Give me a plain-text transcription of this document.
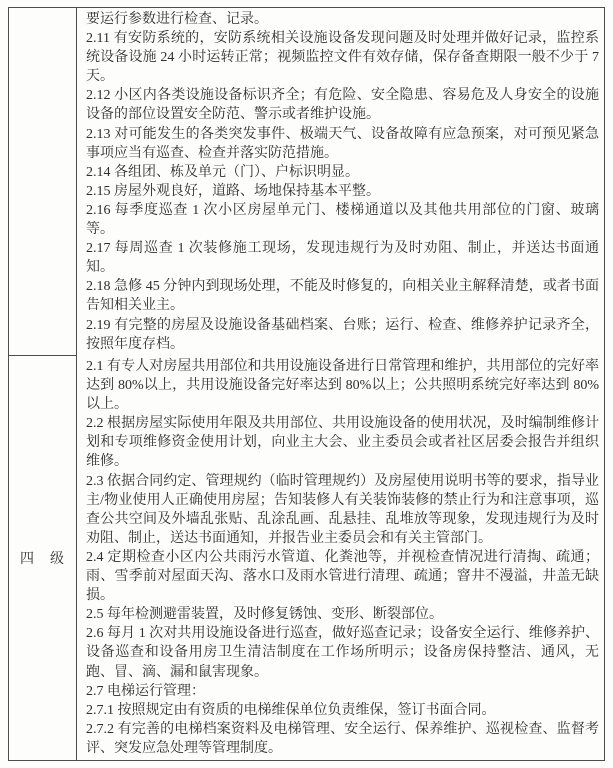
要运行参数进行检查、记录。

2.11 有安防系统的，安防系统相关设施设备发现问题及时处理并做好记录，监控系统设备设施 24 小时运转正常；视频监控文件有效存储，保存备查期限一般不少于 7 天。

2.12 小区内各类设施设备标识齐全；有危险、安全隐患、容易危及人身安全的设施设备的部位设置安全防范、警示或者维护设施。

2.13 对可能发生的各类突发事件、极端天气、设备故障有应急预案，对可预见紧急事项应当有巡查、检查并落实防范措施。

2.14 各组团、栋及单元（门）、户标识明显。

2.15 房屋外观良好，道路、场地保持基本平整。

2.16 每季度巡查 1 次小区房屋单元门、楼梯通道以及其他共用部位的门窗、玻璃等。

2.17 每周巡查 1 次装修施工现场，发现违规行为及时劝阻、制止，并送达书面通知。

2.18 急修 45 分钟内到现场处理，不能及时修复的，向相关业主解释清楚，或者书面告知相关业主。

2.19 有完整的房屋及设施设备基础档案、台账；运行、检查、维修养护记录齐全，按照年度存档。

四　级

2.1 有专人对房屋共用部位和共用设施设备进行日常管理和维护，共用部位的完好率达到 80%以上，共用设施设备完好率达到 80%以上；公共照明系统完好率达到 80%以上。

2.2 根据房屋实际使用年限及共用部位、共用设施设备的使用状况，及时编制维修计划和专项维修资金使用计划，向业主大会、业主委员会或者社区居委会报告并组织维修。

2.3 依据合同约定、管理规约（临时管理规约）及房屋使用说明书等的要求，指导业主/物业使用人正确使用房屋；告知装修人有关装饰装修的禁止行为和注意事项，巡查公共空间及外墙乱张贴、乱涂乱画、乱悬挂、乱堆放等现象，发现违规行为及时劝阻、制止，送达书面通知，并报告业主委员会和有关主管部门。

2.4 定期检查小区内公共雨污水管道、化粪池等，并视检查情况进行清掏、疏通；雨、雪季前对屋面天沟、落水口及雨水管进行清理、疏通；窨井不漫溢，井盖无缺损。

2.5 每年检测避雷装置，及时修复锈蚀、变形、断裂部位。

2.6 每月 1 次对共用设施设备进行巡查，做好巡查记录；设备安全运行、维修养护、设备巡查和设备用房卫生清洁制度在工作场所明示；设备房保持整洁、通风，无跑、冒、滴、漏和鼠害现象。

2.7 电梯运行管理：

2.7.1 按照规定由有资质的电梯维保单位负责维保，签订书面合同。

2.7.2 有完善的电梯档案资料及电梯管理、安全运行、保养维护、巡视检查、监督考评、突发应急处理等管理制度。
